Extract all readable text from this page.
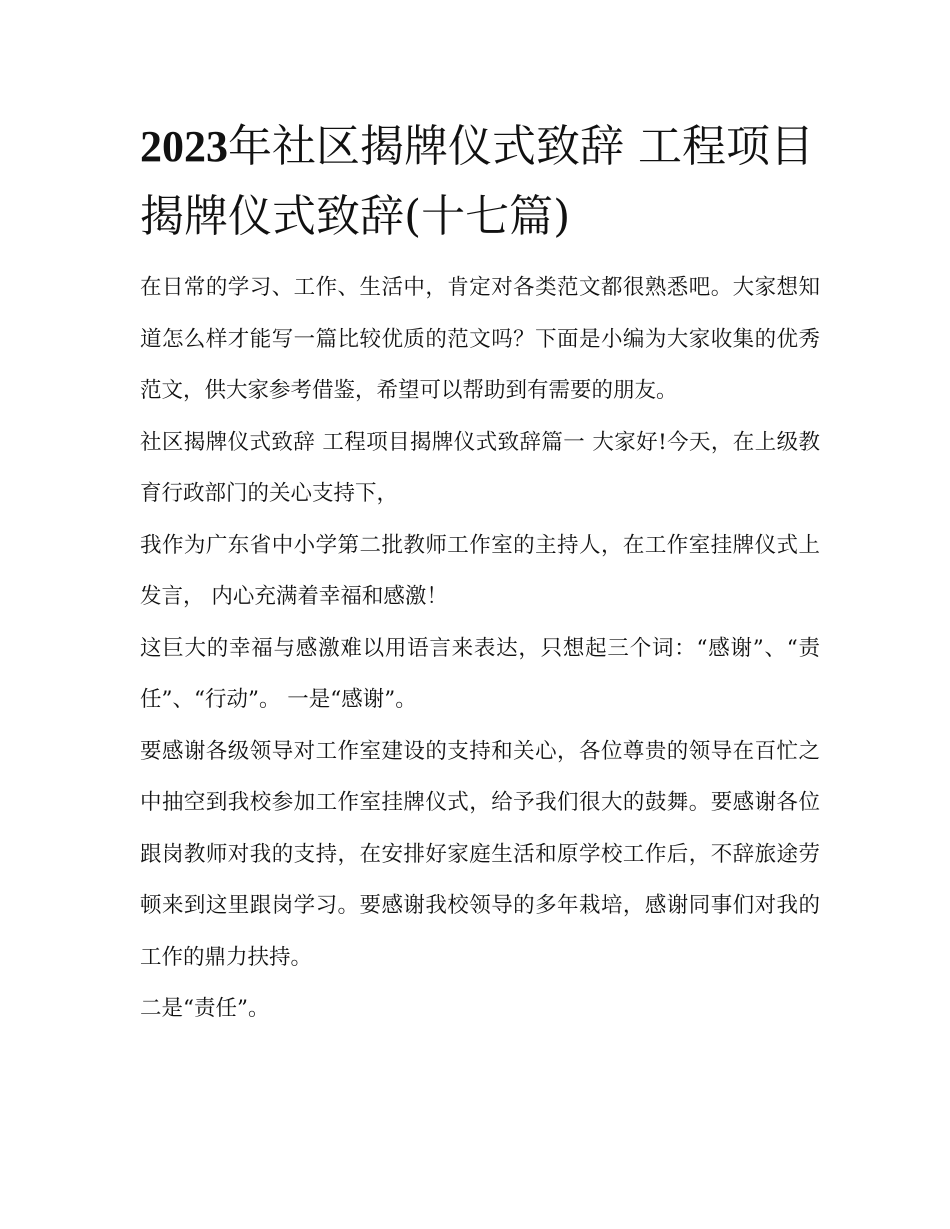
2023年社区揭牌仪式致辞 工程项目揭牌仪式致辞(十七篇)

在日常的学习、工作、生活中，肯定对各类范文都很熟悉吧。大家想知道怎么样才能写一篇比较优质的范文吗？下面是小编为大家收集的优秀范文，供大家参考借鉴，希望可以帮助到有需要的朋友。

社区揭牌仪式致辞 工程项目揭牌仪式致辞篇一 大家好!今天，在上级教育行政部门的关心支持下，

我作为广东省中小学第二批教师工作室的主持人，在工作室挂牌仪式上发言， 内心充满着幸福和感激！

这巨大的幸福与感激难以用语言来表达，只想起三个词：“感谢”、“责任”、“行动”。 一是“感谢”。

要感谢各级领导对工作室建设的支持和关心，各位尊贵的领导在百忙之中抽空到我校参加工作室挂牌仪式，给予我们很大的鼓舞。要感谢各位跟岗教师对我的支持，在安排好家庭生活和原学校工作后，不辞旅途劳顿来到这里跟岗学习。要感谢我校领导的多年栽培，感谢同事们对我的工作的鼎力扶持。

二是“责任”。
